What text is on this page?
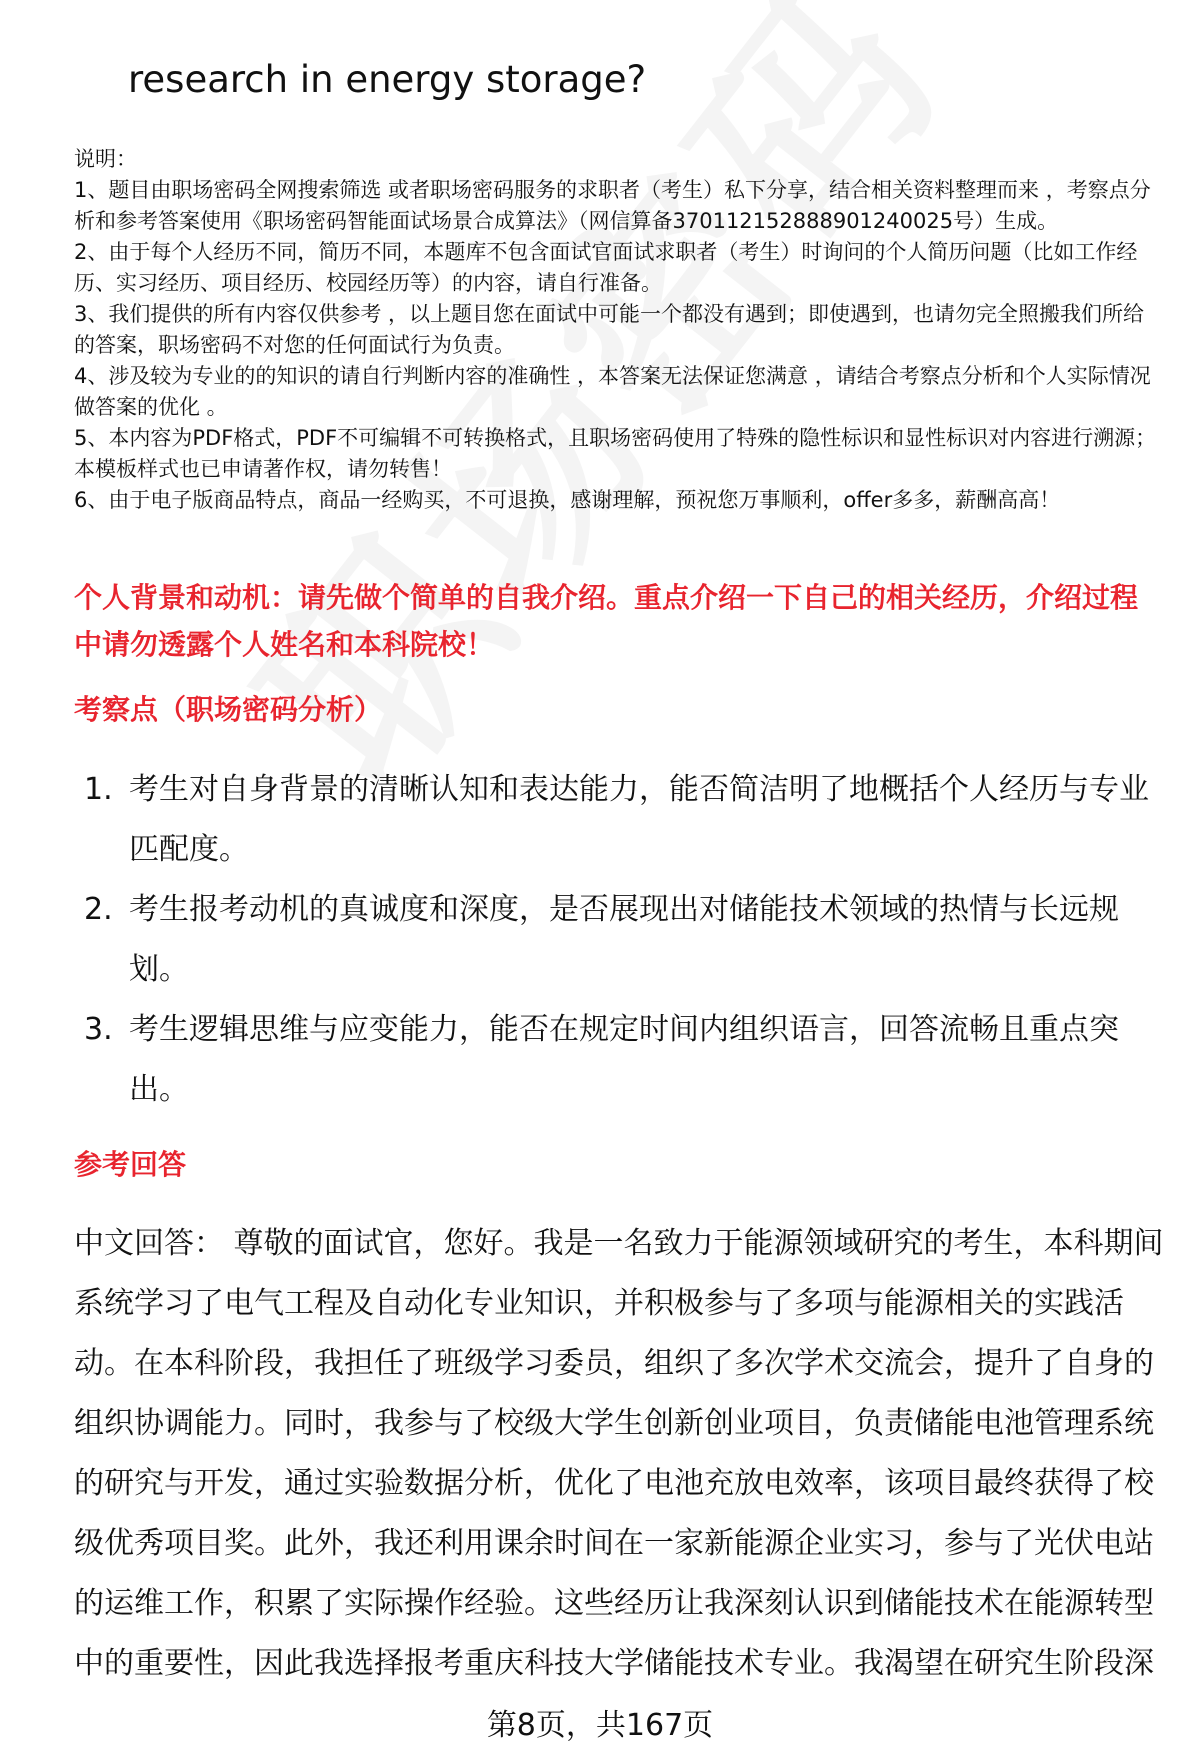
research in energy storage?

说明：

1、题目由职场密码全网搜索筛选 或者职场密码服务的求职者（考生）私下分享，结合相关资料整理而来 ，考察点分析和参考答案使用《职场密码智能面试场景合成算法》（网信算备370112152888901240025号）生成。

2、由于每个人经历不同，简历不同，本题库不包含面试官面试求职者（考生）时询问的个人简历问题（比如工作经历、实习经历、项目经历、校园经历等）的内容，请自行准备。

3、我们提供的所有内容仅供参考 ，以上题目您在面试中可能一个都没有遇到；即使遇到，也请勿完全照搬我们所给的答案，职场密码不对您的任何面试行为负责。

4、涉及较为专业的的知识的请自行判断内容的准确性 ，本答案无法保证您满意 ，请结合考察点分析和个人实际情况做答案的优化 。

5、本内容为PDF格式，PDF不可编辑不可转换格式，且职场密码使用了特殊的隐性标识和显性标识对内容进行溯源；本模板样式也已申请著作权，请勿转售！

6、由于电子版商品特点，商品一经购买，不可退换，感谢理解，预祝您万事顺利，offer多多，薪酬高高！

个人背景和动机：请先做个简单的自我介绍。重点介绍一下自己的相关经历，介绍过程中请勿透露个人姓名和本科院校！
考察点（职场密码分析）
1. 考生对自身背景的清晰认知和表达能力，能否简洁明了地概括个人经历与专业匹配度。
2. 考生报考动机的真诚度和深度，是否展现出对储能技术领域的热情与长远规划。
3. 考生逻辑思维与应变能力，能否在规定时间内组织语言，回答流畅且重点突出。
参考回答
中文回答： 尊敬的面试官，您好。我是一名致力于能源领域研究的考生，本科期间系统学习了电气工程及自动化专业知识，并积极参与了多项与能源相关的实践活动。在本科阶段，我担任了班级学习委员，组织了多次学术交流会，提升了自身的组织协调能力。同时，我参与了校级大学生创新创业项目，负责储能电池管理系统的研究与开发，通过实验数据分析，优化了电池充放电效率，该项目最终获得了校级优秀项目奖。此外，我还利用课余时间在一家新能源企业实习，参与了光伏电站的运维工作，积累了实际操作经验。这些经历让我深刻认识到储能技术在能源转型中的重要性，因此我选择报考重庆科技大学储能技术专业。我渴望在研究生阶段深
第8页，共167页
